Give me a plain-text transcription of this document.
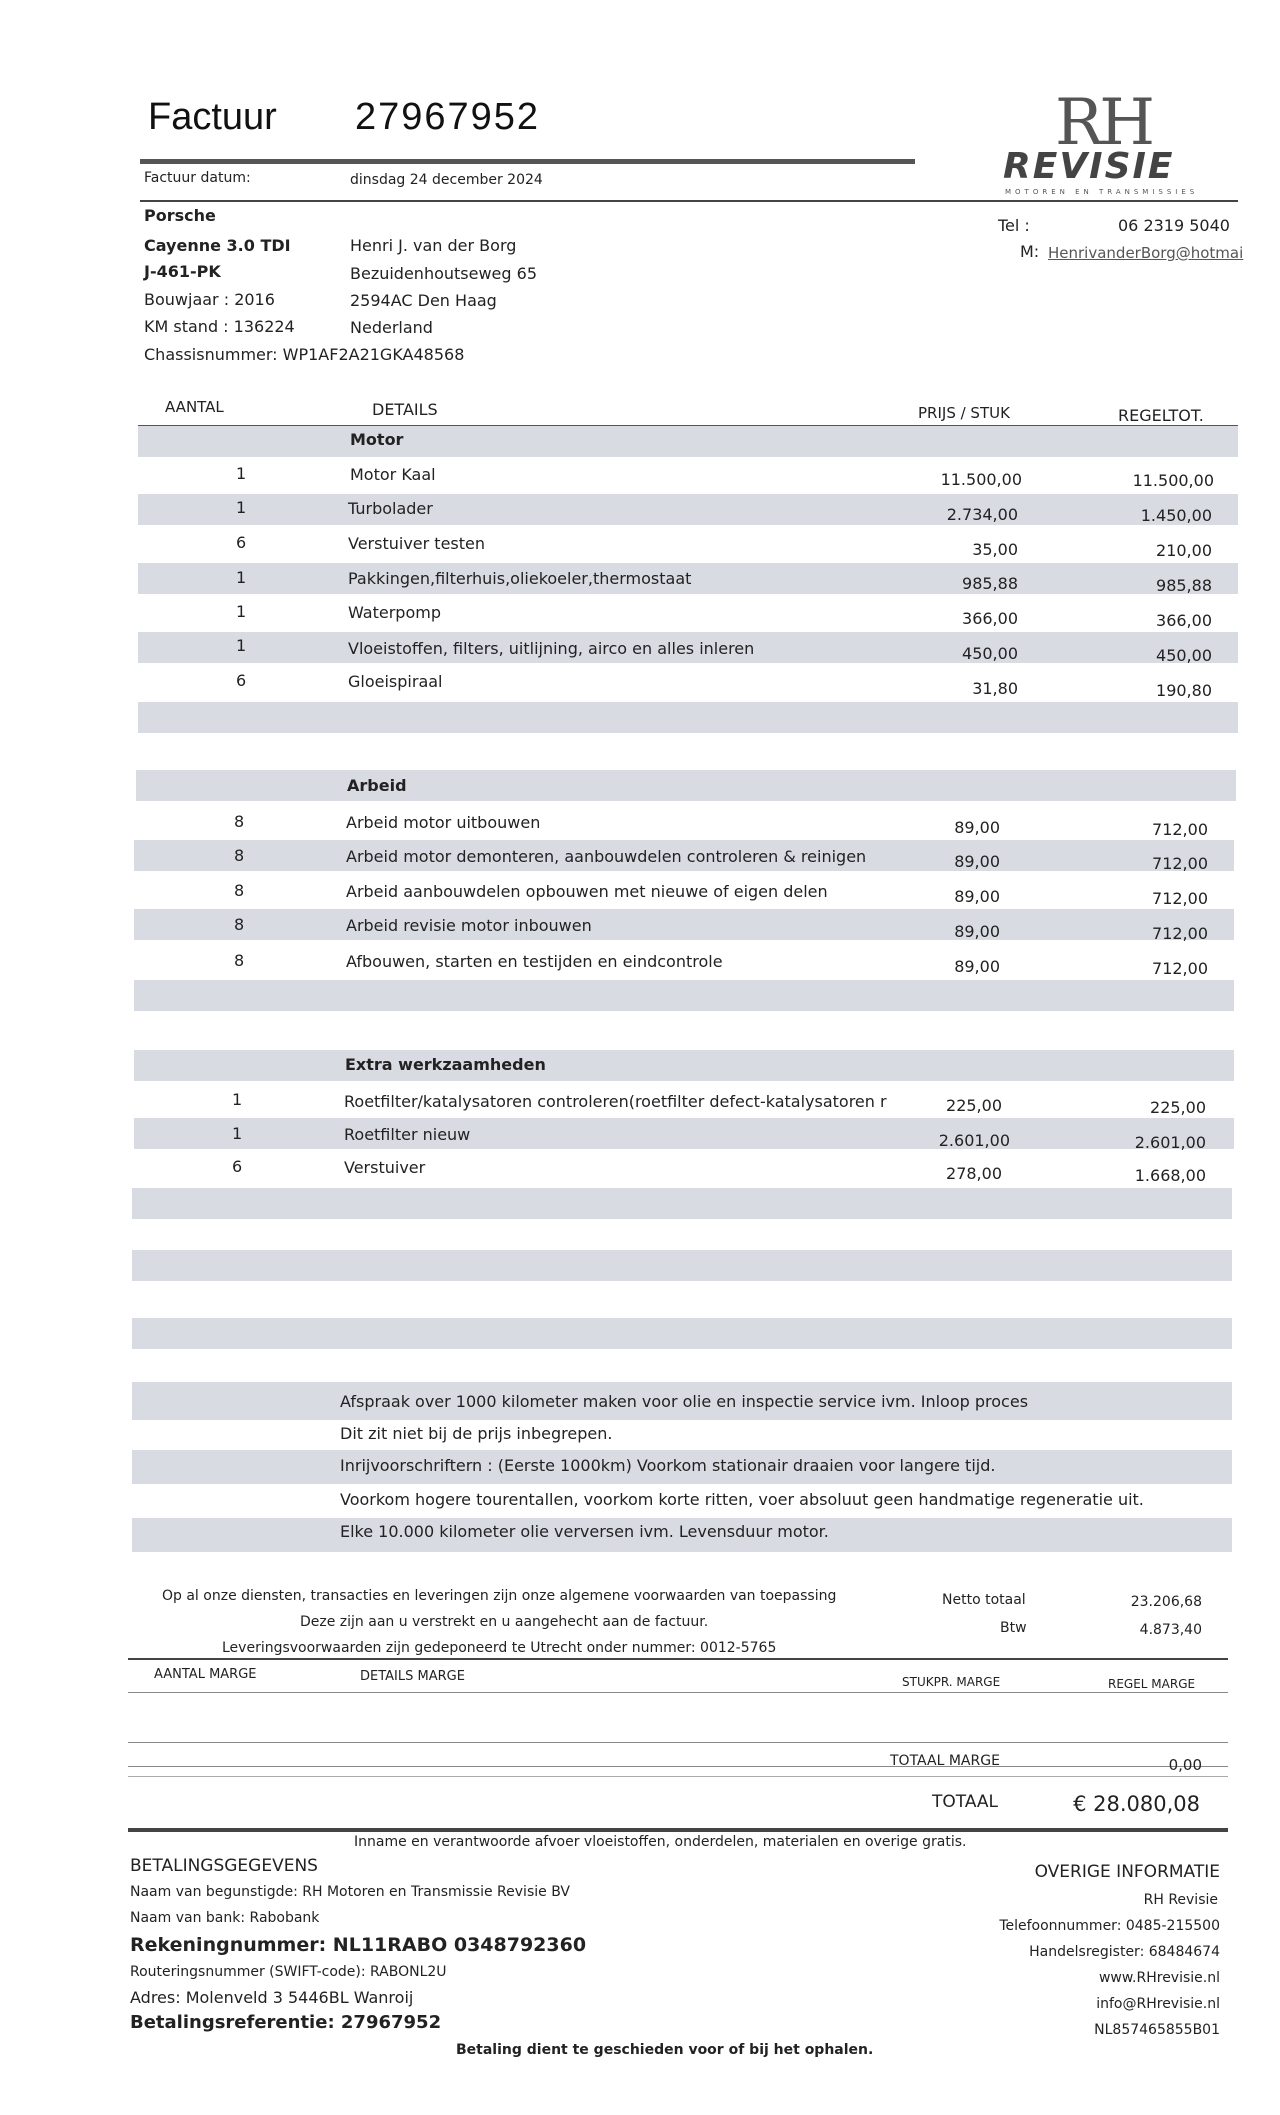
Factuur 27967952
Factuur datum:	dinsdag 24 december 2024
RH
REVISIE
MOTOREN EN TRANSMISSIES
Porsche
Cayenne 3.0 TDI
J-461-PK
Bouwjaar : 2016
KM stand : 136224
Chassisnummer: WP1AF2A21GKA48568
Henri J. van der Borg
Bezuidenhoutseweg 65
2594AC Den Haag
Nederland
Tel :	06 2319 5040
M: HenrivanderBorg@hotmai
AANTAL	DETAILS	PRIJS / STUK	REGELTOT.
Motor
1	Motor Kaal	11.500,00	11.500,00
1	Turbolader	2.734,00	1.450,00
6	Verstuiver testen	35,00	210,00
1	Pakkingen,filterhuis,oliekoeler,thermostaat	985,88	985,88
1	Waterpomp	366,00	366,00
1	Vloeistoffen, filters, uitlijning, airco en alles inleren	450,00	450,00
6	Gloeispiraal	31,80	190,80
Arbeid
8	Arbeid motor uitbouwen	89,00	712,00
8	Arbeid motor demonteren, aanbouwdelen controleren & reinigen	89,00	712,00
8	Arbeid aanbouwdelen opbouwen met nieuwe of eigen delen	89,00	712,00
8	Arbeid revisie motor inbouwen	89,00	712,00
8	Afbouwen, starten en testijden en eindcontrole	89,00	712,00
Extra werkzaamheden
1	Roetfilter/katalysatoren controleren(roetfilter defect-katalysatoren r	225,00	225,00
1	Roetfilter nieuw	2.601,00	2.601,00
6	Verstuiver	278,00	1.668,00
Afspraak over 1000 kilometer maken voor olie en inspectie service ivm. Inloop proces
Dit zit niet bij de prijs inbegrepen.
Inrijvoorschriftern : (Eerste 1000km) Voorkom stationair draaien voor langere tijd.
Voorkom hogere tourentallen, voorkom korte ritten, voer absoluut geen handmatige regeneratie uit.
Elke 10.000 kilometer olie verversen ivm. Levensduur motor.
Op al onze diensten, transacties en leveringen zijn onze algemene voorwaarden van toepassing
Deze zijn aan u verstrekt en u aangehecht aan de factuur.
Leveringsvoorwaarden zijn gedeponeerd te Utrecht onder nummer: 0012-5765
Netto totaal	23.206,68
Btw	4.873,40
AANTAL MARGE	DETAILS MARGE	STUKPR. MARGE	REGEL MARGE
TOTAAL MARGE	0,00
TOTAAL	€ 28.080,08
Inname en verantwoorde afvoer vloeistoffen, onderdelen, materialen en overige gratis.
BETALINGSGEGEVENS
Naam van begunstigde: RH Motoren en Transmissie Revisie BV
Naam van bank: Rabobank
Rekeningnummer: NL11RABO 0348792360
Routeringsnummer (SWIFT-code): RABONL2U
Adres: Molenveld 3 5446BL Wanroij
Betalingsreferentie: 27967952
Betaling dient te geschieden voor of bij het ophalen.
OVERIGE INFORMATIE
RH Revisie
Telefoonnummer: 0485-215500
Handelsregister: 68484674
www.RHrevisie.nl
info@RHrevisie.nl
NL857465855B01
